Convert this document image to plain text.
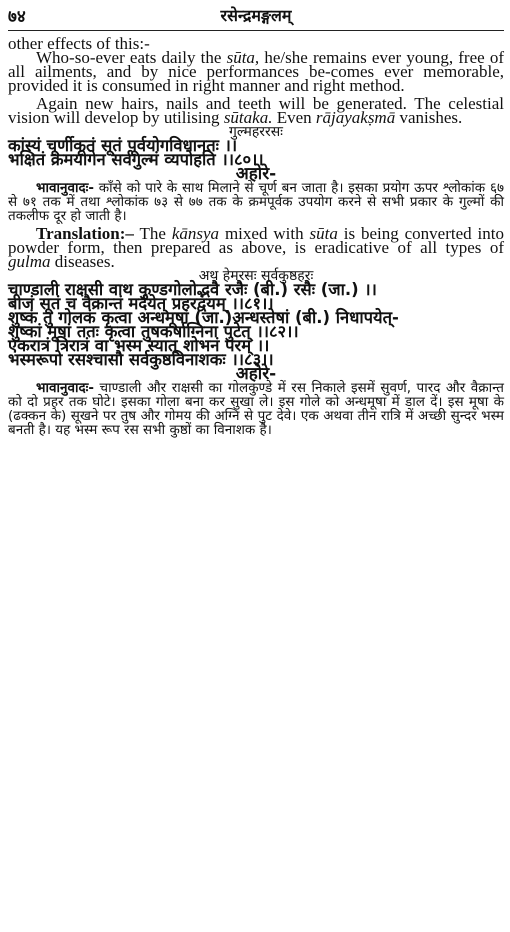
७४	रसेन्द्रमङ्गलम्

other effects of this:-

Who-so-ever eats daily the sūta, he/she remains ever young, free of all ailments, and by nice performances be-comes ever memorable, provided it is consumed in right manner and right method.

Again new hairs, nails and teeth will be generated. The celestial vision will develop by utilising sūtaka. Even rājayakṣmā vanishes.

गुल्महररसः
कांस्यं चूर्णीकृतं सूतं पूर्वयोगविधानतः ।।
भक्षितं क्रमयोगेन सर्वगुल्मं व्यपोहति ।।८०।।
अहोरे-

भावानुवादः- काँसे को पारे के साथ मिलाने से चूर्ण बन जाता है। इसका प्रयोग ऊपर श्लोकांक ६७ से ७१ तक में तथा श्लोकांक ७३ से ७७ तक के क्रमपूर्वक उपयोग करने से सभी प्रकार के गुल्मों की तकलीफ दूर हो जाती है।

Translation:– The kānsya mixed with sūta is being converted into powder form, then prepared as above, is eradicative of all types of gulma diseases.

अथ हेमरसः सर्वकुष्ठहरः
चाण्डाली राक्षसी वाथ कुण्डगोलोद्भवै रजैः (बी.) रसैः (जा.) ।।
बीजं सूतं च वैक्रान्तं मर्दयेत् प्रहरद्वयम् ।।८१।।
शुष्कं तु गोलकं कृत्वा अन्धमूषां (जा.)अन्धस्तेषां (बी.) निधापयेत्-
शुष्कां मूषां ततः कृत्वा तुषकर्षाग्निना पुटेत् ।।८२।।
एकरात्रं त्रिरात्रं वा भस्म स्यात् शोभनं परम् ।।
भस्मरूपो रसश्चासौ सर्वकुष्ठविनाशकः ।।८३।।
अहोरे-

भावानुवादः- चाण्डाली और राक्षसी का गोलकुण्डे में रस निकाले इसमें सुवर्ण, पारद और वैक्रान्त को दो प्रहर तक घोटे। इसका गोला बना कर सुखा ले। इस गोले को अन्धमूषा में डाल दें। इस मूषा के (ढक्कन के) सूखने पर तुष और गोमय की अग्नि से पुट देवे। एक अथवा तीन रात्रि में अच्छी सुन्दर भस्म बनती है। यह भस्म रूप रस सभी कुष्ठों का विनाशक है।
